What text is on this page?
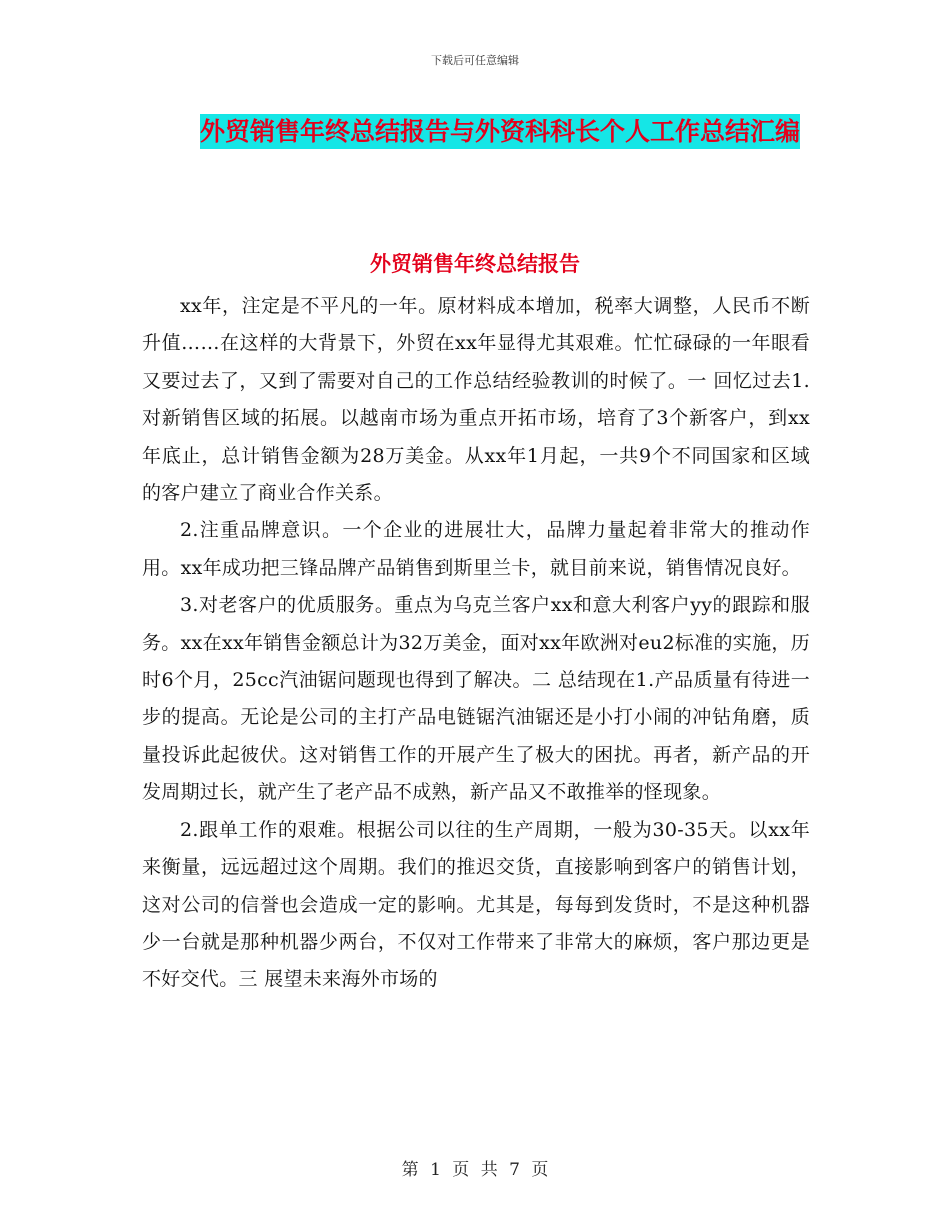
下载后可任意编辑
外贸销售年终总结报告与外资科科长个人工作总结汇编
外贸销售年终总结报告

xx年，注定是不平凡的一年。原材料成本增加，税率大调整，人民币不断升值……在这样的大背景下，外贸在xx年显得尤其艰难。忙忙碌碌的一年眼看又要过去了，又到了需要对自己的工作总结经验教训的时候了。一 回忆过去1.对新销售区域的拓展。以越南市场为重点开拓市场，培育了3个新客户，到xx年底止，总计销售金额为28万美金。从xx年1月起，一共9个不同国家和区域的客户建立了商业合作关系。

2.注重品牌意识。一个企业的进展壮大，品牌力量起着非常大的推动作用。xx年成功把三锋品牌产品销售到斯里兰卡，就目前来说，销售情况良好。

3.对老客户的优质服务。重点为乌克兰客户xx和意大利客户yy的跟踪和服务。xx在xx年销售金额总计为32万美金，面对xx年欧洲对eu2标准的实施，历时6个月，25cc汽油锯问题现也得到了解决。二 总结现在1.产品质量有待进一步的提高。无论是公司的主打产品电链锯汽油锯还是小打小闹的冲钻角磨，质量投诉此起彼伏。这对销售工作的开展产生了极大的困扰。再者，新产品的开发周期过长，就产生了老产品不成熟，新产品又不敢推举的怪现象。

2.跟单工作的艰难。根据公司以往的生产周期，一般为30-35天。以xx年来衡量，远远超过这个周期。我们的推迟交货，直接影响到客户的销售计划，这对公司的信誉也会造成一定的影响。尤其是，每每到发货时，不是这种机器少一台就是那种机器少两台，不仅对工作带来了非常大的麻烦，客户那边更是不好交代。三 展望未来海外市场的

第 1 页 共 7 页
